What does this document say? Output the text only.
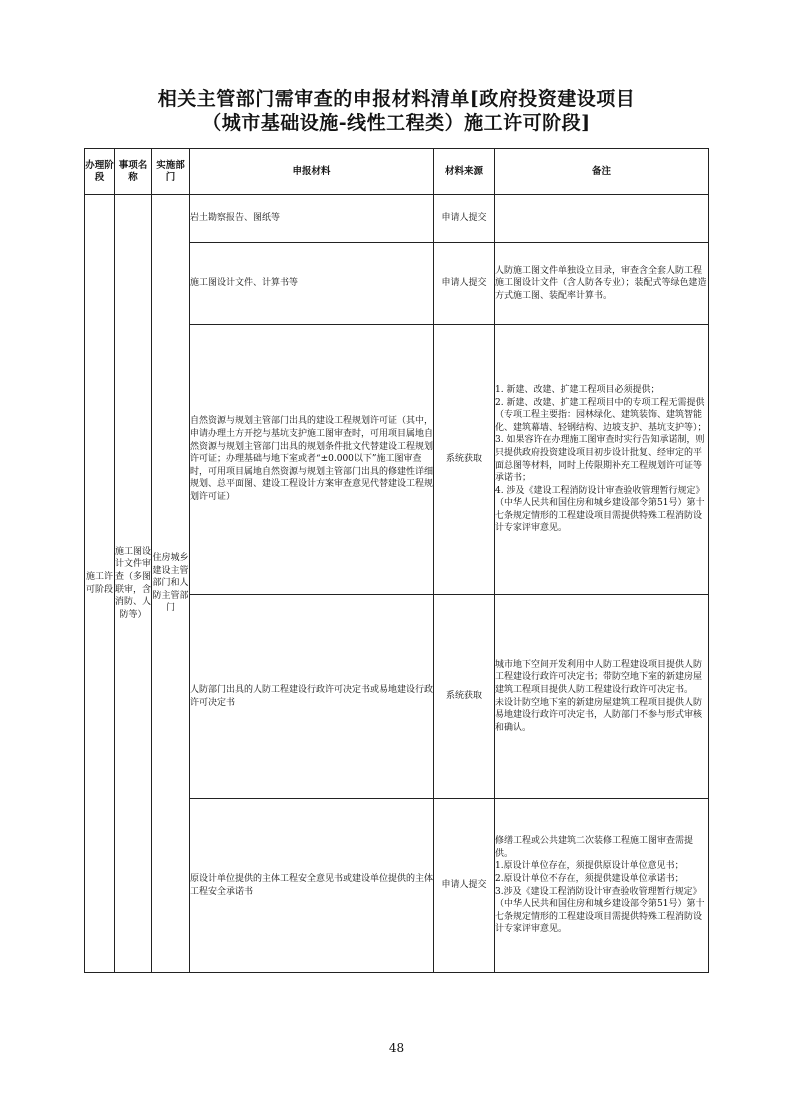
相关主管部门需审查的申报材料清单[政府投资建设项目
（城市基础设施-线性工程类）施工许可阶段]
办理阶段	事项名称	实施部门	申报材料	材料来源	备注
施工许可阶段	施工图设计文件审查（多图联审，含消防、人防等）	住房城乡建设主管部门和人防主管部门	岩土勘察报告、图纸等	申请人提交	
			施工图设计文件、计算书等	申请人提交	人防施工图文件单独设立目录，审查含全套人防工程施工图设计文件（含人防各专业）；装配式等绿色建造方式施工图、装配率计算书。

			自然资源与规划主管部门出具的建设工程规划许可证（其中，申请办理土方开挖与基坑支护施工图审查时，可用项目属地自然资源与规划主管部门出具的规划条件批文代替建设工程规划许可证；办理基础与地下室或者“±0.000以下”施工图审查时，可用项目属地自然资源与规划主管部门出具的修建性详细规划、总平面图、建设工程设计方案审查意见代替建设工程规划许可证）	系统获取	1. 新建、改建、扩建工程项目必须提供；
2. 新建、改建、扩建工程项目中的专项工程无需提供（专项工程主要指：园林绿化、建筑装饰、建筑智能化、建筑幕墙、轻钢结构、边坡支护、基坑支护等）；
3. 如果容许在办理施工图审查时实行告知承诺制，则只提供政府投资建设项目初步设计批复、经审定的平面总图等材料，同时上传限期补充工程规划许可证等承诺书；
4. 涉及《建设工程消防设计审查验收管理暂行规定》（中华人民共和国住房和城乡建设部令第51号）第十七条规定情形的工程建设项目需提供特殊工程消防设计专家评审意见。

			人防部门出具的人防工程建设行政许可决定书或易地建设行政许可决定书	系统获取	城市地下空间开发利用中人防工程建设项目提供人防工程建设行政许可决定书；带防空地下室的新建房屋建筑工程项目提供人防工程建设行政许可决定书。
未设计防空地下室的新建房屋建筑工程项目提供人防易地建设行政许可决定书，人防部门不参与形式审核和确认。

			原设计单位提供的主体工程安全意见书或建设单位提供的主体工程安全承诺书	申请人提交	修缮工程或公共建筑二次装修工程施工图审查需提供。
1.原设计单位存在，须提供原设计单位意见书；
2.原设计单位不存在，须提供建设单位承诺书；
3.涉及《建设工程消防设计审查验收管理暂行规定》（中华人民共和国住房和城乡建设部令第51号）第十七条规定情形的工程建设项目需提供特殊工程消防设计专家评审意见。
48
